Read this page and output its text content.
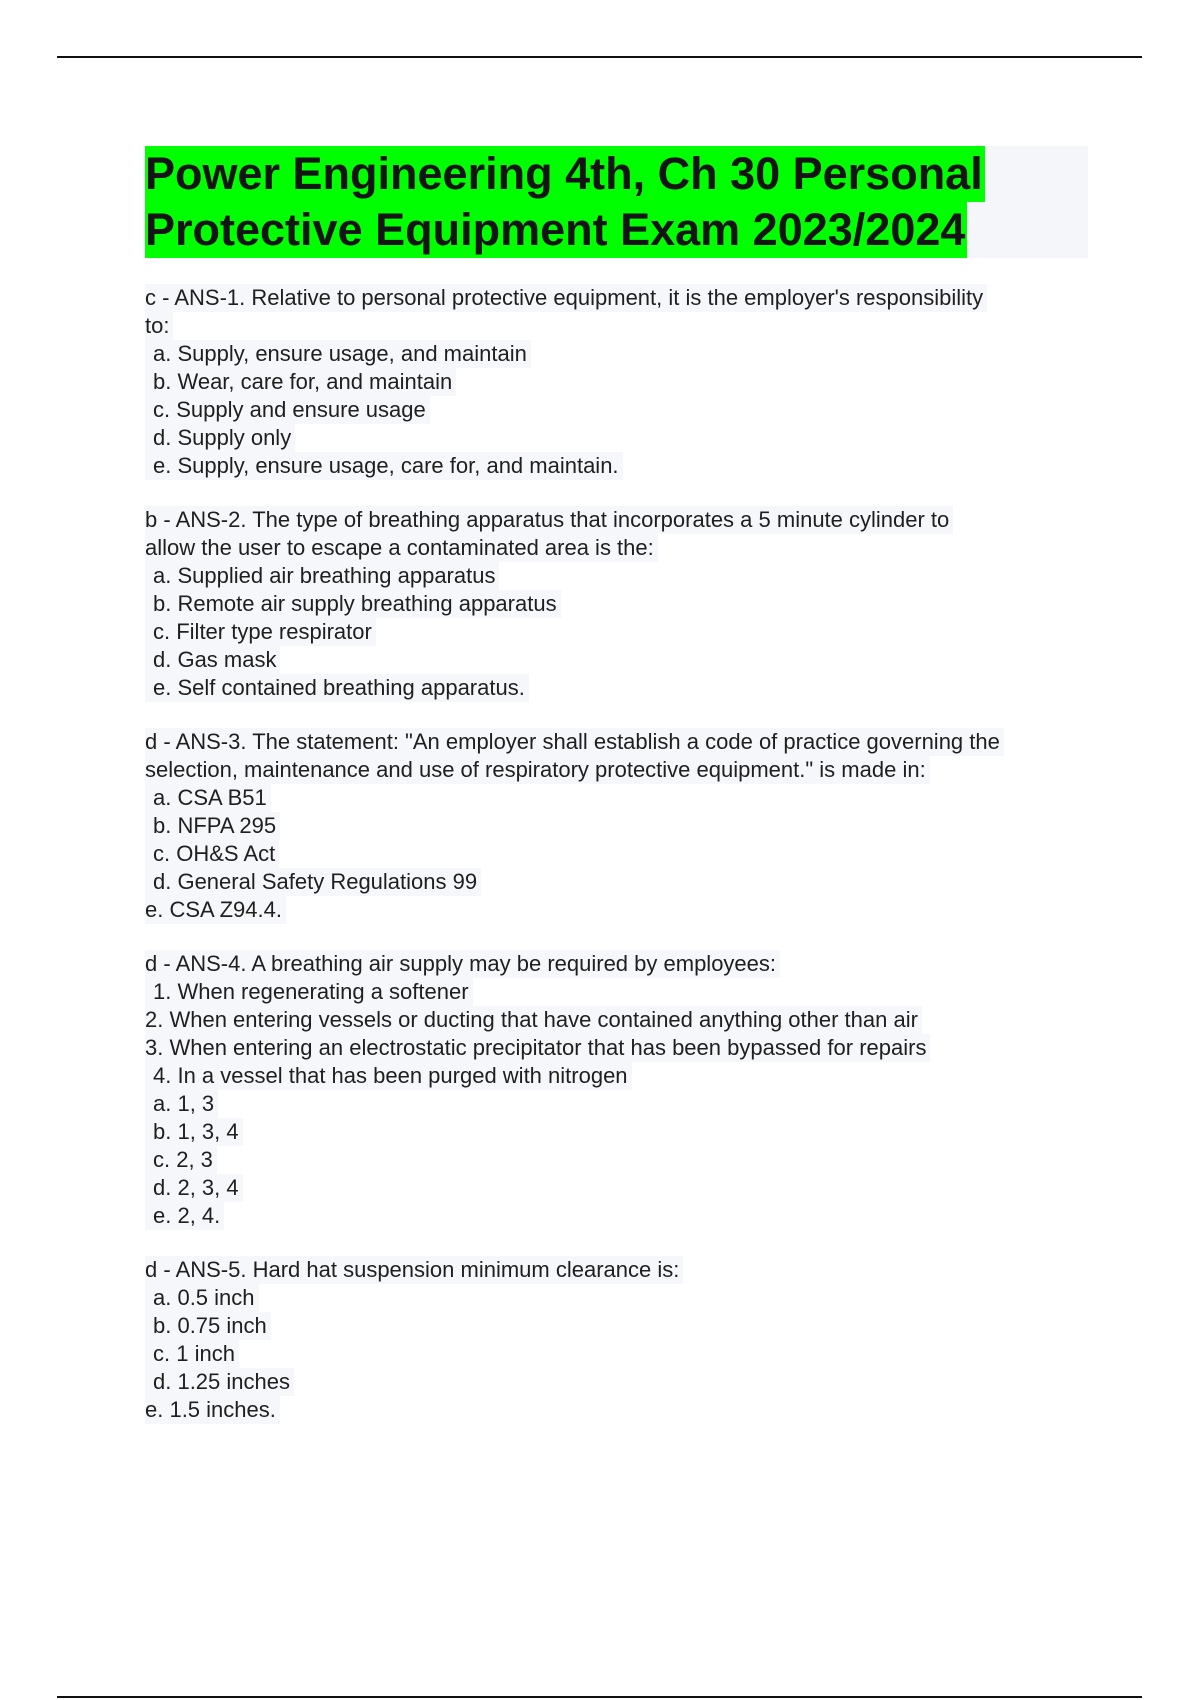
Power Engineering 4th, Ch 30 Personal
Protective Equipment Exam 2023/2024
c - ANS-1. Relative to personal protective equipment, it is the employer's responsibility
to:
a. Supply, ensure usage, and maintain
b. Wear, care for, and maintain
c. Supply and ensure usage
d. Supply only
e. Supply, ensure usage, care for, and maintain.
b - ANS-2. The type of breathing apparatus that incorporates a 5 minute cylinder to
allow the user to escape a contaminated area is the:
a. Supplied air breathing apparatus
b. Remote air supply breathing apparatus
c. Filter type respirator
d. Gas mask
e. Self contained breathing apparatus.
d - ANS-3. The statement: "An employer shall establish a code of practice governing the
selection, maintenance and use of respiratory protective equipment." is made in:
a. CSA B51
b. NFPA 295
c. OH&S Act
d. General Safety Regulations 99
e. CSA Z94.4.
d - ANS-4. A breathing air supply may be required by employees:
1. When regenerating a softener
2. When entering vessels or ducting that have contained anything other than air
3. When entering an electrostatic precipitator that has been bypassed for repairs
4. In a vessel that has been purged with nitrogen
a. 1, 3
b. 1, 3, 4
c. 2, 3
d. 2, 3, 4
e. 2, 4.
d - ANS-5. Hard hat suspension minimum clearance is:
a. 0.5 inch
b. 0.75 inch
c. 1 inch
d. 1.25 inches
e. 1.5 inches.
